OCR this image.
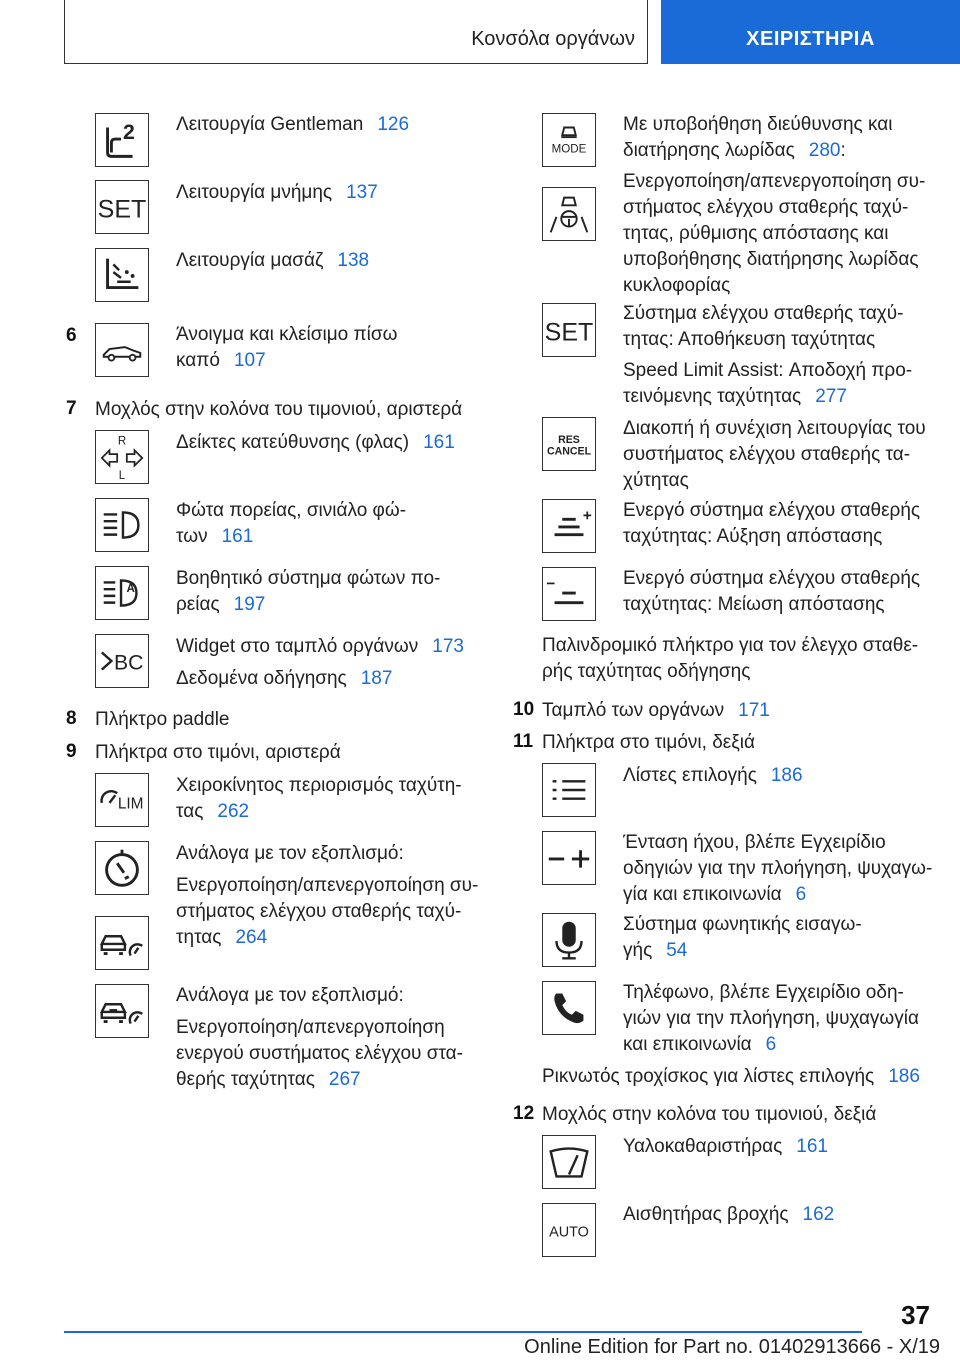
Κονσόλα οργάνων	ΧΕΙΡΙΣΤΗΡΙΑ
2 Λειτουργία Gentleman 126
SET
Λειτουργία μνήμης 137
Λειτουργία μασάζ 138
6	Άνοιγμα και κλείσιμο πίσω
καπό 107
7 Μοχλός στην κολόνα του τιμονιού, αριστερά
R
L
Δείκτες κατεύθυνσης (φλας) 161
Φώτα πορείας, σινιάλο φώ-
των 161
A
Βοηθητικό σύστημα φώτων πο-
ρείας 197
BC
Widget στο ταμπλό οργάνων 173
Δεδομένα οδήγησης 187
8 Πλήκτρο paddle
9 Πλήκτρα στο τιμόνι, αριστερά
LIM
Χειροκίνητος περιορισμός ταχύτη-
τας 262
Ανάλογα με τον εξοπλισμό:
Ενεργοποίηση/απενεργοποίηση συ-
στήματος ελέγχου σταθερής ταχύ-
τητας 264
Ανάλογα με τον εξοπλισμό:
Ενεργοποίηση/απενεργοποίηση
ενεργού συστήματος ελέγχου στα-
θερής ταχύτητας 267
MODE
Με υποβοήθηση διεύθυνσης και
διατήρησης λωρίδας 280:
Ενεργοποίηση/απενεργοποίηση συ-
στήματος ελέγχου σταθερής ταχύ-
τητας, ρύθμισης απόστασης και
υποβοήθησης διατήρησης λωρίδας
κυκλοφορίας
SET
Σύστημα ελέγχου σταθερής ταχύ-
τητας: Αποθήκευση ταχύτητας
Speed Limit Assist: Αποδοχή προ-
τεινόμενης ταχύτητας 277
RES
CANCEL
Διακοπή ή συνέχιση λειτουργίας του
συστήματος ελέγχου σταθερής τα-
χύτητας
Ενεργό σύστημα ελέγχου σταθερής
ταχύτητας: Αύξηση απόστασης
Ενεργό σύστημα ελέγχου σταθερής
ταχύτητας: Μείωση απόστασης
Παλινδρομικό πλήκτρο για τον έλεγχο σταθε-
ρής ταχύτητας οδήγησης
10 Ταμπλό των οργάνων 171
11 Πλήκτρα στο τιμόνι, δεξιά
Λίστες επιλογής 186
Ένταση ήχου, βλέπε Εγχειρίδιο
οδηγιών για την πλοήγηση, ψυχαγω-
γία και επικοινωνία 6
Σύστημα φωνητικής εισαγω-
γής 54
Τηλέφωνο, βλέπε Εγχειρίδιο οδη-
γιών για την πλοήγηση, ψυχαγωγία
και επικοινωνία 6
Ρικνωτός τροχίσκος για λίστες επιλογής 186
12 Μοχλός στην κολόνα του τιμονιού, δεξιά
Υαλοκαθαριστήρας 161
AUTO
Αισθητήρας βροχής 162
37
Online Edition for Part no. 01402913666 - X/19
